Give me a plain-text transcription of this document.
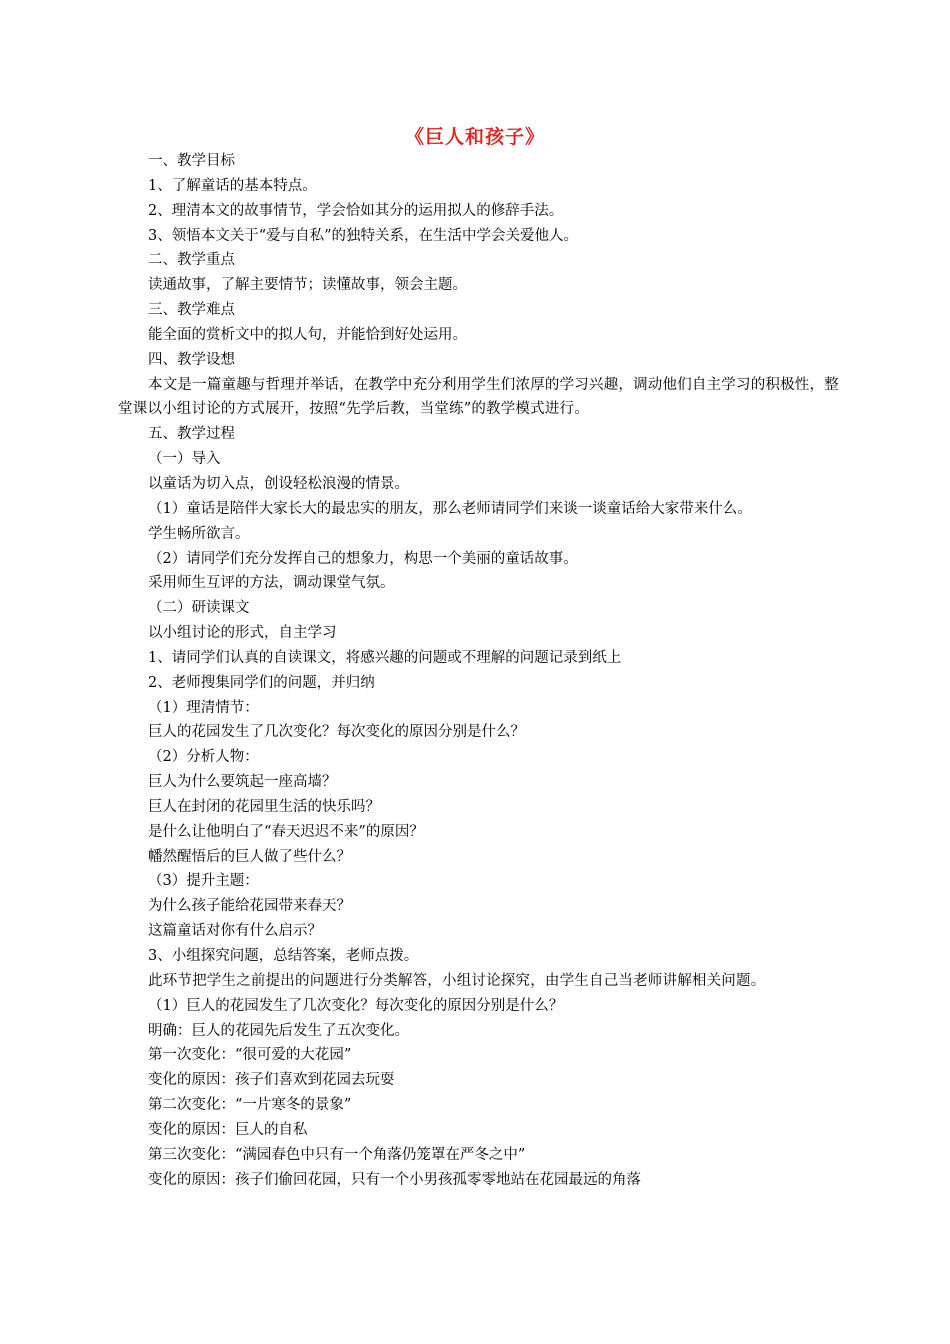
《巨人和孩子》
一、教学目标
1、了解童话的基本特点。
2、理清本文的故事情节，学会恰如其分的运用拟人的修辞手法。
3、领悟本文关于“爱与自私”的独特关系，在生活中学会关爱他人。
二、教学重点
读通故事，了解主要情节；读懂故事，领会主题。
三、教学难点
能全面的赏析文中的拟人句，并能恰到好处运用。
四、教学设想
本文是一篇童趣与哲理并举话，在教学中充分利用学生们浓厚的学习兴趣，调动他们自主学习的积极性，整堂课以小组讨论的方式展开，按照“先学后教，当堂练”的教学模式进行。
五、教学过程
（一）导入
以童话为切入点，创设轻松浪漫的情景。
（1）童话是陪伴大家长大的最忠实的朋友，那么老师请同学们来谈一谈童话给大家带来什么。
学生畅所欲言。
（2）请同学们充分发挥自己的想象力，构思一个美丽的童话故事。
采用师生互评的方法，调动课堂气氛。
（二）研读课文
以小组讨论的形式，自主学习
1、请同学们认真的自读课文，将感兴趣的问题或不理解的问题记录到纸上
2、老师搜集同学们的问题，并归纳
（1）理清情节：
巨人的花园发生了几次变化？每次变化的原因分别是什么？
（2）分析人物：
巨人为什么要筑起一座高墙？
巨人在封闭的花园里生活的快乐吗？
是什么让他明白了“春天迟迟不来”的原因？
幡然醒悟后的巨人做了些什么？
（3）提升主题：
为什么孩子能给花园带来春天？
这篇童话对你有什么启示？
3、小组探究问题，总结答案，老师点拨。
此环节把学生之前提出的问题进行分类解答，小组讨论探究，由学生自己当老师讲解相关问题。
（1）巨人的花园发生了几次变化？每次变化的原因分别是什么？
明确：巨人的花园先后发生了五次变化。
第一次变化：“很可爱的大花园”
变化的原因：孩子们喜欢到花园去玩耍
第二次变化：“一片寒冬的景象”
变化的原因：巨人的自私
第三次变化：“满园春色中只有一个角落仍笼罩在严冬之中”
变化的原因：孩子们偷回花园，只有一个小男孩孤零零地站在花园最远的角落
